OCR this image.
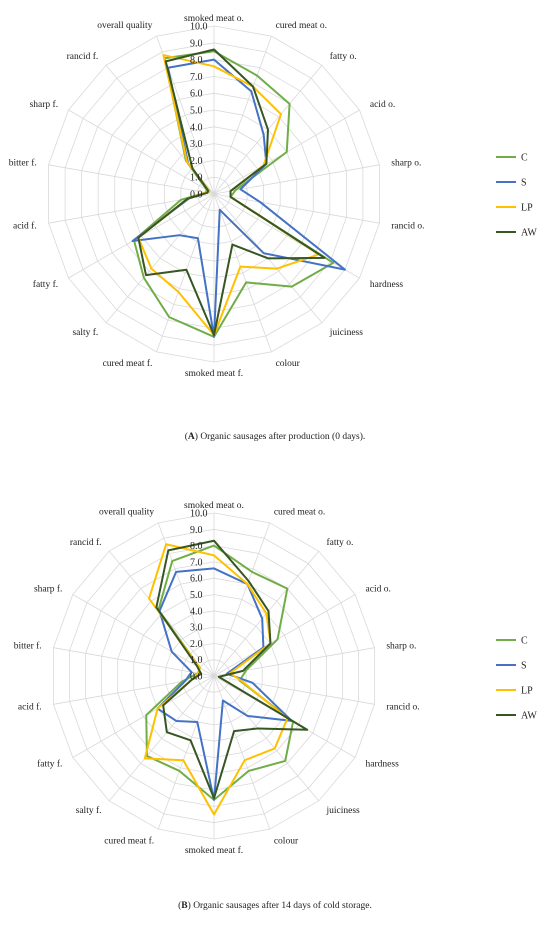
0.0
1.0
2.0
3.0
4.0
5.0
6.0
7.0
8.0
9.0
10.0
smoked meat o.
cured meat o.
fatty o.
acid o.
sharp o.
rancid o.
hardness
juiciness
colour
smoked meat f.
cured meat f.
salty f.
fatty f.
acid f.
bitter f.
sharp f.
rancid f.
overall quality
C
S
LP
AW
(A) Organic sausages after production (0 days).
0.0
1.0
2.0
3.0
4.0
5.0
6.0
7.0
8.0
9.0
10.0
smoked meat o.
cured meat o.
fatty o.
acid o.
sharp o.
rancid o.
hardness
juiciness
colour
smoked meat f.
cured meat f.
salty f.
fatty f.
acid f.
bitter f.
sharp f.
rancid f.
overall quality
C
S
LP
AW
(B) Organic sausages after 14 days of cold storage.
